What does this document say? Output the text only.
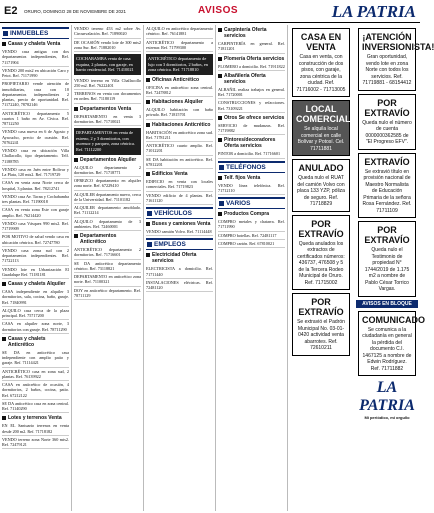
E2 ORURO, DOMINGO 28 DE NOVIEMBRE DE 2021	AVISOS	LA PATRIA
INMUEBLES
Casas y chalets Venta

VENDO casa antigua con dos departamentos independientes, Ref. 71171904

VENDO 200 mts2 en ubicación Caro y Petot. Ref. 71171990

PROPIETARIO vende atención de inmobiliarias, casa con 10 departamentos independientes 2 plantas, precio de oportunidad. Ref. 71172240, 78782146

ANTICRÉTICO departamento 5 cuartos 1 baño en Av. Cívica. Ref. 78712250

VENDO casa nueva en 6 de Agosto y Ayacucho, precio de ocasión. Ref. 70762241

VENDO casa en ubicación Villa Challacollo, tipo departamento. Telf. 71188785

VENDO casa en Jaén entre Bolívar y La Plata, 120 mts2. Ref. 71719729

CASA en venta zona Norte cerca de hospital, 3 plantas. Ref. 78212741

VENDO casa Av. Tacna y Cochabamba tres plantas. Ref. 71190018

CASA en venta zona Este con garaje amplio. Ref. 76214420

VENDO casa Vásquez 990 mts2. Ref. 71719909

POR MOTIVO de salud vendo casa en ubicación céntrica. Ref. 72747780

VENDO casa zona sud con 2 departamentos independientes. Ref. 71722113

VENDO lote en Urbanización El Guadalupe Ref. 71181181

Casas y chalets Alquiler

CASA independiente en alquiler 3 dormitorios, sala, cocina, baño, garaje. Ref. 71840991

ALQUILO casa cerca de la plaza principal. Ref. 75717200

CASA en alquiler zona norte, 3 dormitorios con garaje. Ref. 78711290

Casas y chalets Anticrético

SE DA en anticrético casa independiente con amplio patio y garaje. Ref. 71114421

ANTICRÉTICO casa en zona sud, 2 plantas. Ref. 76139922

CASA en anticrético de ocasión, 4 dormitorios, 2 baños, cocina, patio. Ref. 67212122

SE DA anticrético casa en zona central. Ref. 71140290

Lotes y terrenos Venta

EN EL Santuario terrenos en venta desde 200 m2. Ref. 71718182

VENDO terreno zona Norte 360 mts2. Ref. 72479121

VENDO terreno 453 m2 sobre Av. Circunvalación. Ref. 71890020

DE OCASIÓN vendo lote de 300 mts2 zona Sur. Ref. 71882010

COCHABAMBA venta de casa esquina, 2 plantas, con garaje, en barrio residencial. Ref. 71410021

VENDO terreno en Villa Challacollo 250 m2. Ref. 76222401

TERRENOS en venta con documentos en orden. Ref. 71180119

Departamentos Venta

DEPARTAMENTO en venta 3 dormitorios. Ref. 71710021

DEPARTAMENTOS en venta de estreno, 2 y 3 dormitorios, con ascensor y parqueo, zona céntrica. Ref. 71112200
Departamentos Alquiler

ALQUILO departamento 2 dormitorios. Ref. 71718771

OFREZCO departamento en alquiler zona norte. Ref. 67229410

ALQUILER departamento nuevo, cerca de la Universidad. Ref. 71101182

ALQUILER departamento amoblado. Ref. 71112214

ALQUILO departamento de 3 ambientes. Ref. 72460001

Departamentos Anticrético

ANTICRÉTICO departamento 2 dormitorios. Ref. 71716601

SE DA anticrético departamento céntrico. Ref. 73118821

DEPARTAMENTO en anticrético zona norte. Ref. 71100321

DOY en anticrético departamento. Ref. 78711129

ALQUILO en anticrético departamento céntrico. Ref. 76141881

ANTICRÉTICO departamento a estrenar. Ref. 71799300

ANTICRÉTICO departamento de lujo con 3 dormitorios, 2 baños, en zona céntrica. Ref. 71718810
Oficinas Anticrético

OFICINA en anticrético zona central. Ref. 72478812

Habitaciones Alquiler

ALQUILO habitación con baño privado. Ref. 71815701

Habitaciones Anticrético

HABITACIÓN en anticrético zona sud. Ref. 71781211

ANTICRÉTICO cuarto amplio. Ref. 71012201

SE DA habitación en anticrético. Ref. 67812201

Edificios Venta

EDIFICIO en venta con locales comerciales. Ref. 71719823

VENDO edificio de 4 plantas. Ref. 71611120

VEHÍCULOS
Buses y camiones Venta

VENDO camión Volvo. Ref. 71114448

EMPLEOS
Electricidad Oferta servicios

ELECTRICISTA a domicilio. Ref. 71711440

INSTALACIONES eléctricas. Ref. 72481120

Carpintería Oferta servicios

CARPINTERÍA en general. Ref. 71811201

Plomería Oferta servicios

PLOMERO a domicilio. Ref. 71911822

Albañilería Oferta servicios

ALBAÑIL realiza trabajos en general. Ref. 71720001

CONSTRUCCIONES y refacciones. Ref. 73109221

Otros Se ofrece servicios

SERVICIO de mudanzas. Ref. 71719882

Pintores/decoradores Oferta servicios

PINTOR a domicilio. Ref. 71716601

TELÉFONOS
Telf. fijos Venta

VENDO línea telefónica. Ref. 71712110

VARIOS
Productos Compra

COMPRO metales y chatarra. Ref. 71711990

COMPRO botellas. Ref. 72481117

COMPRO cartón. Ref. 67810021

CASA EN VENTA
Casa en venta, con construcción de dos pisos, con garaje, zona céntrica de la ciudad. Ref. 71716002 - 71713005
LOCAL COMERCIAL
Se alquila local comercial en calle Bolívar y Potosí. Cel. 71711881
ANULADO
Queda nulo el RUAT del camión Volvo con placa 133 YZP, póliza de seguro. Ref. 71718829
POR EXTRAVÍO
Queda anulados los extractos de certificados números: 436737, 476508 y 5 de la Tercera Rodeo Municipal de Oruro. Ref. 71715002
POR EXTRAVÍO
Se extravió el Padrón Municipal No. 03-01-0420 actividad venta abarrotes. Ref. 72610211
¡ATENCIÓN INVERSIONISTA!
Gran oportunidad, vendo lote en zona Norte con todos los servicios. Ref. 71719881 - 68154412
POR EXTRAVÍO
Queda nulo el número de cuenta 0000000362585 de "El Progreso EFV".
EXTRAVÍO
Se extravió título en provisión nacional de Maestro Normalista de Educación Primaria de la señora Rosa Fernández. Ref. 71711109
POR EXTRAVÍO
Queda nulo el Testimonio de propiedad N° 1744/2019 de 1.175 m2 a nombre de Pablo César Torrico Vargas.
AVISOS EN BLOQUE
COMUNICADO
Se comunica a la ciudadanía en general la pérdida del documento C.I. 1467125 a nombre de Edwin Rodríguez. Ref. 71711882
LA PATRIA
Mi periódico, mi orgullo
